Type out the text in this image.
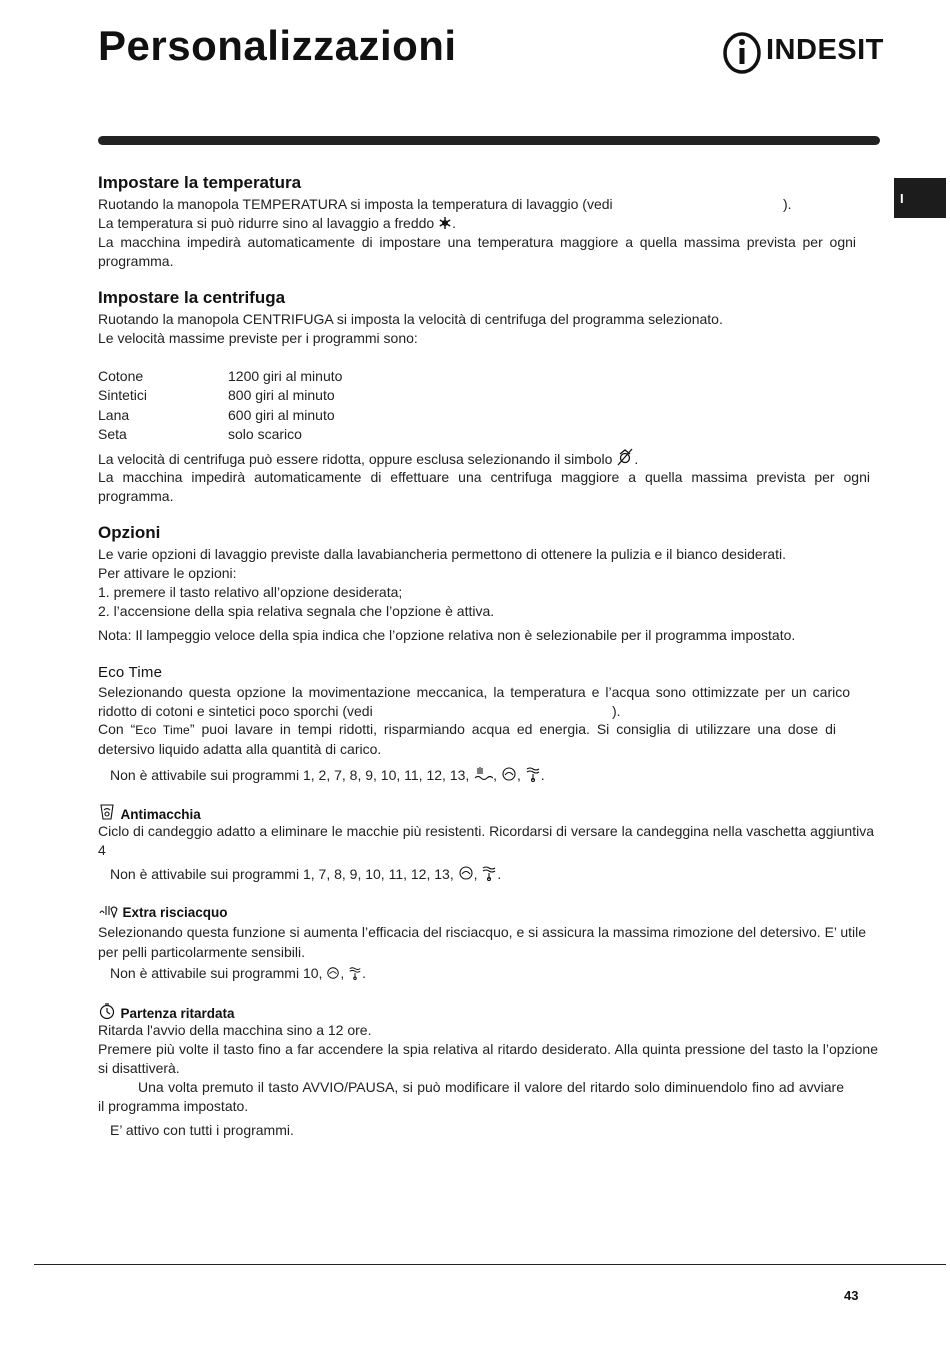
Personalizzazioni	INDESIT
I
Impostare la temperatura
Ruotando la manopola TEMPERATURA si imposta la temperatura di lavaggio (vedi	).
La temperatura si può ridurre sino al lavaggio a freddo .
La macchina impedirà automaticamente di impostare una temperatura maggiore a quella massima prevista per ogni programma.
Impostare la centrifuga
Ruotando la manopola CENTRIFUGA si imposta la velocità di centrifuga del programma selezionato.
Le velocità massime previste per i programmi sono:
Cotone	1200 giri al minuto
Sintetici	800 giri al minuto
Lana	600 giri al minuto
Seta	solo scarico
La velocità di centrifuga può essere ridotta, oppure esclusa selezionando il simbolo .
La macchina impedirà automaticamente di effettuare una centrifuga maggiore a quella massima prevista per ogni programma.
Opzioni
Le varie opzioni di lavaggio previste dalla lavabiancheria permettono di ottenere la pulizia e il bianco desiderati.
Per attivare le opzioni:
1. premere il tasto relativo all’opzione desiderata;
2. l’accensione della spia relativa segnala che l’opzione è attiva.
Nota: Il lampeggio veloce della spia indica che l’opzione relativa non è selezionabile per il programma impostato.
Eco Time
Selezionando questa opzione la movimentazione meccanica, la temperatura e l’acqua sono ottimizzate per un carico ridotto di cotoni e sintetici poco sporchi (vedi	).
Con “Eco Time” puoi lavare in tempi ridotti, risparmiando acqua ed energia. Si consiglia di utilizzare una dose di detersivo liquido adatta alla quantità di carico.
Non è attivabile sui programmi 1, 2, 7, 8, 9, 10, 11, 12, 13, , , .
Antimacchia
Ciclo di candeggio adatto a eliminare le macchie più resistenti. Ricordarsi di versare la candeggina nella vaschetta aggiuntiva 4
Non è attivabile sui programmi 1, 7, 8, 9, 10, 11, 12, 13, , .
Extra risciacquo
Selezionando questa funzione si aumenta l’efficacia del risciacquo, e si assicura la massima rimozione del detersivo. E’ utile per pelli particolarmente sensibili.
Non è attivabile sui programmi 10, , .
Partenza ritardata
Ritarda l'avvio della macchina sino a 12 ore.
Premere più volte il tasto fino a far accendere la spia relativa al ritardo desiderato. Alla quinta pressione del tasto la l’opzione si disattiverà.
Una volta premuto il tasto AVVIO/PAUSA, si può modificare il valore del ritardo solo diminuendolo fino ad avviare il programma impostato.
E’ attivo con tutti i programmi.
43
